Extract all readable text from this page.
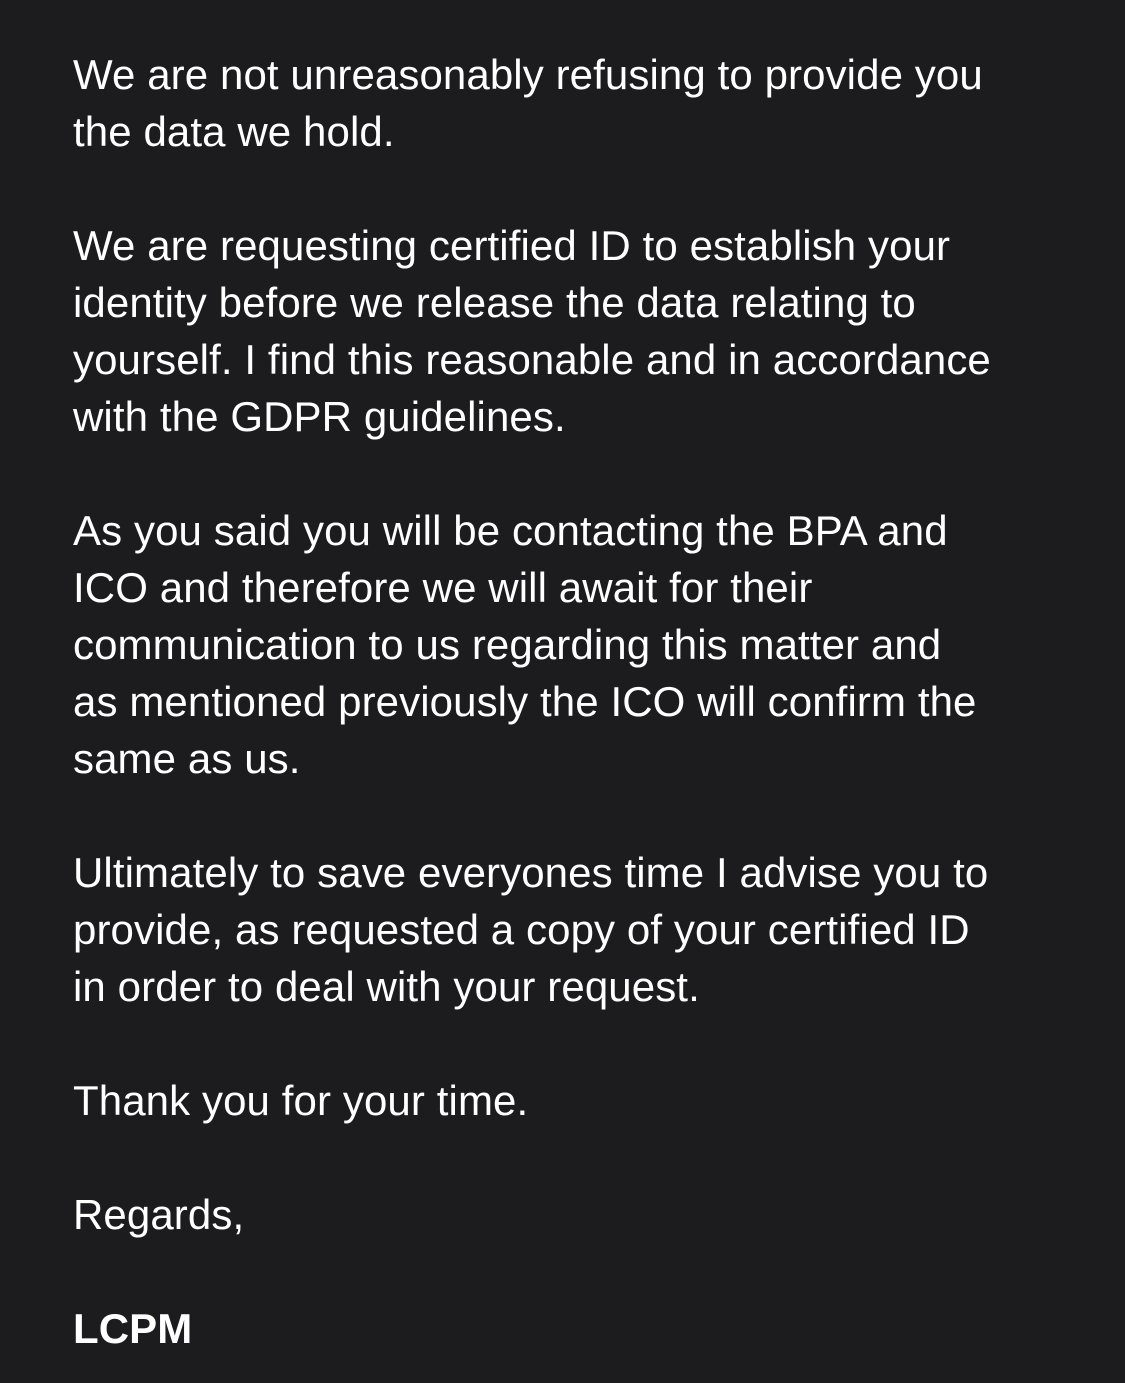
We are not unreasonably refusing to provide you
the data we hold.

We are requesting certified ID to establish your
identity before we release the data relating to
yourself. I find this reasonable and in accordance
with the GDPR guidelines.

As you said you will be contacting the BPA and
ICO and therefore we will await for their
communication to us regarding this matter and
as mentioned previously the ICO will confirm the
same as us.

Ultimately to save everyones time I advise you to
provide, as requested a copy of your certified ID
in order to deal with your request.

Thank you for your time.

Regards,

LCPM
